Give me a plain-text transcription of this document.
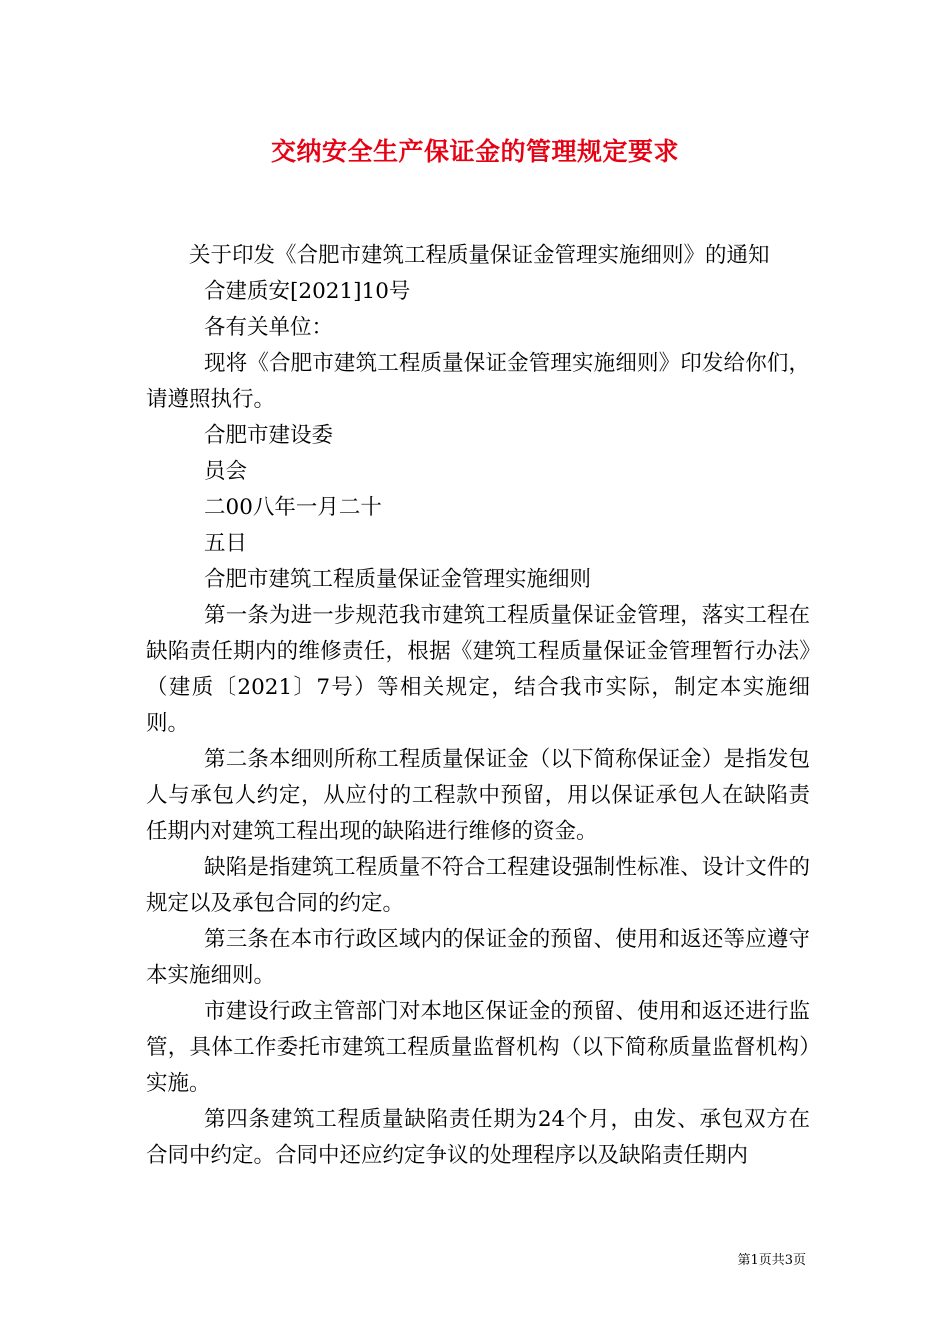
交纳安全生产保证金的管理规定要求

关于印发《合肥市建筑工程质量保证金管理实施细则》的通知

合建质安[2021]10号

各有关单位：

现将《合肥市建筑工程质量保证金管理实施细则》印发给你们，请遵照执行。

合肥市建设委

员会

二00八年一月二十

五日

合肥市建筑工程质量保证金管理实施细则

第一条为进一步规范我市建筑工程质量保证金管理，落实工程在缺陷责任期内的维修责任，根据《建筑工程质量保证金管理暂行办法》（建质〔2021〕7号）等相关规定，结合我市实际，制定本实施细则。

第二条本细则所称工程质量保证金（以下简称保证金）是指发包人与承包人约定，从应付的工程款中预留，用以保证承包人在缺陷责任期内对建筑工程出现的缺陷进行维修的资金。

缺陷是指建筑工程质量不符合工程建设强制性标准、设计文件的规定以及承包合同的约定。

第三条在本市行政区域内的保证金的预留、使用和返还等应遵守本实施细则。

市建设行政主管部门对本地区保证金的预留、使用和返还进行监管，具体工作委托市建筑工程质量监督机构（以下简称质量监督机构）实施。

第四条建筑工程质量缺陷责任期为24个月，由发、承包双方在合同中约定。合同中还应约定争议的处理程序以及缺陷责任期内

第1页共3页
